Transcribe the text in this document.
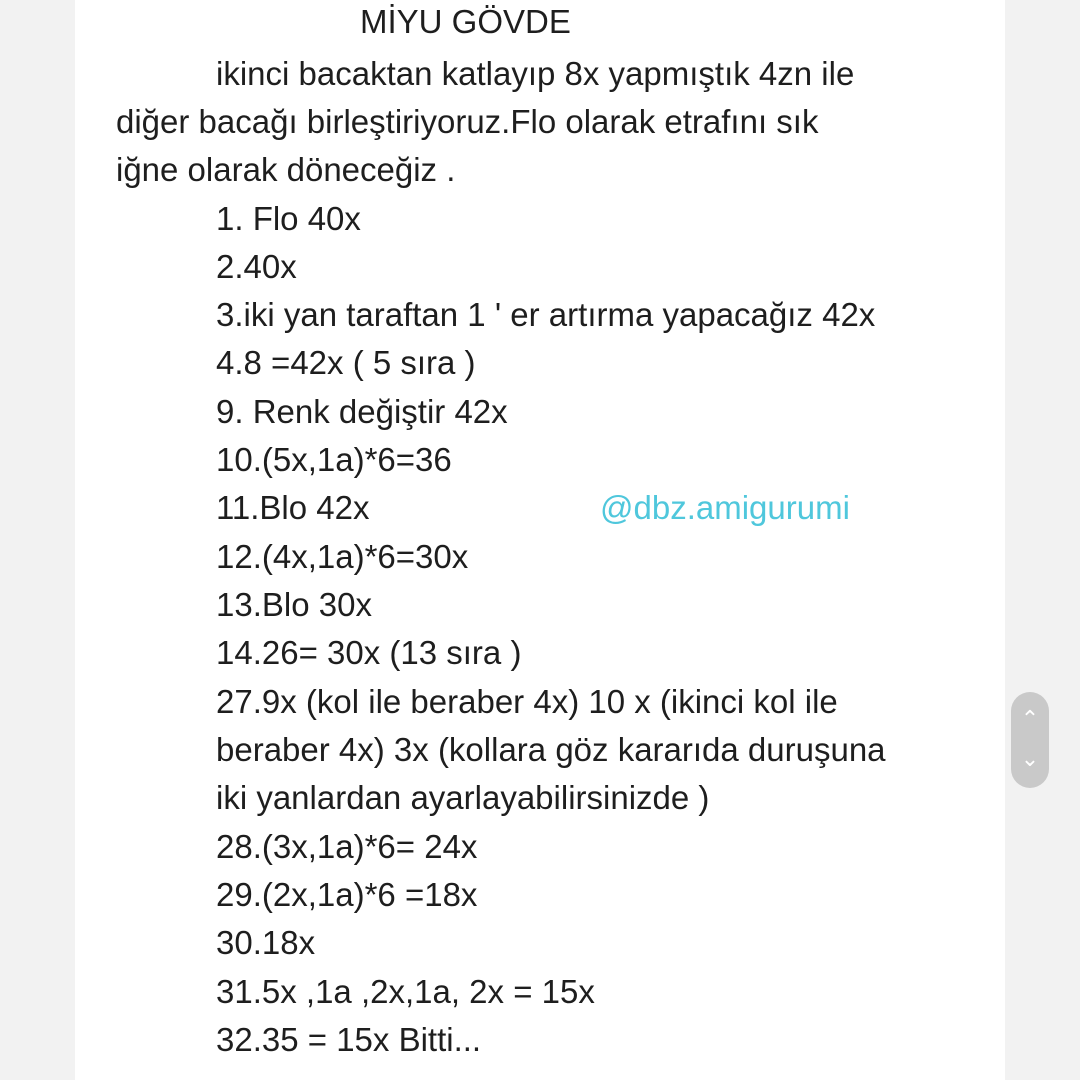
MİYU GÖVDE
ikinci bacaktan katlayıp 8x yapmıştık 4zn ile
diğer bacağı birleştiriyoruz.Flo olarak etrafını sık
iğne olarak döneceğiz .
1. Flo 40x
2.40x
3.iki yan taraftan 1 ' er artırma yapacağız 42x
4.8 =42x ( 5 sıra )
9. Renk değiştir 42x
10.(5x,1a)*6=36
11.Blo 42x
12.(4x,1a)*6=30x
13.Blo 30x
14.26= 30x (13 sıra )
27.9x (kol ile beraber 4x) 10 x (ikinci kol ile
beraber 4x) 3x (kollara göz kararıda duruşuna
iki yanlardan ayarlayabilirsinizde )
28.(3x,1a)*6= 24x
29.(2x,1a)*6 =18x
30.18x
31.5x ,1a ,2x,1a, 2x = 15x
32.35 = 15x Bitti...
@dbz.amigurumi
⌃
⌄
